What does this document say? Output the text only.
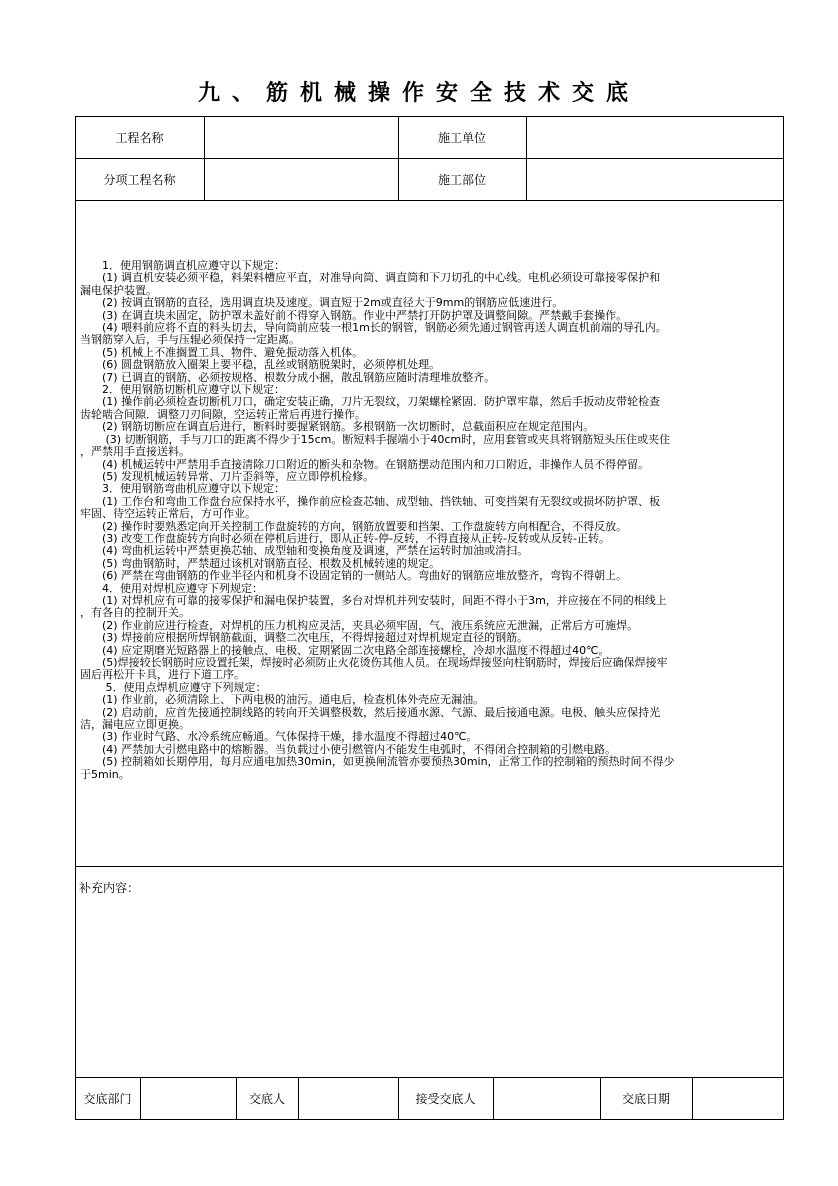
九、筋机械操作安全技术交底
工程名称	施工单位
分项工程名称	施工部位

　　1．使用钢筋调直机应遵守以下规定：

　　(1) 调直机安装必须平稳，料架料槽应平直，对准导向筒、调直筒和下刀切孔的中心线。电机必须设可靠接零保护和

漏电保护装置。

　　(2) 按调直钢筋的直径，选用调直块及速度。调直短于2m或直径大于9mm的钢筋应低速进行。

　　(3) 在调直块未固定，防护罩未盖好前不得穿入钢筋。作业中严禁打开防护罩及调整间隙。严禁戴手套操作。

　　(4) 喂料前应将不直的料头切去，导向筒前应装一根1m长的钢管，钢筋必须先通过钢管再送人调直机前端的导孔内。

当钢筋穿入后，手与压辊必须保持一定距离。

　　(5) 机械上不准搁置工具、物件、避免振动落入机体。

　　(6) 圆盘钢筋放入圈架上要平稳，乱丝或钢筋脱架时，必须停机处理。

　　(7) 已调直的钢筋、必须按规格、根数分成小捆，散乱钢筋应随时清理堆放整齐。

　　2．使用钢筋切断机应遵守以下规定：

　　(1) 操作前必须检查切断机刀口，确定安装正确，刀片无裂纹，刀架螺栓紧固．防护罩牢靠，然后手扳动皮带轮检查

齿轮啮合间隙．调整刀刃间隙，空运转正常后再进行操作。

　　(2) 钢筋切断应在调直后进行，断料时要握紧钢筋。多根钢筋一次切断时，总截面积应在规定范围内。

　　 (3) 切断钢筋，手与刀口的距离不得少于15cm。断短料手握端小于40cm时，应用套管或夹具将钢筋短头压住或夹住

，严禁用手直接送料。

　　(4) 机械运转中严禁用手直接清除刀口附近的断头和杂物。在钢筋摆动范围内和刀口附近，非操作人员不得停留。

　　(5) 发现机械运转异常、刀片歪斜等，应立即停机检修。

　　3．使用钢筋弯曲机应遵守以下规定：

　　(1) 工作台和弯曲工作盘台应保持水平，操作前应检查芯轴、成型轴、挡铁轴、可变挡架有无裂纹或损坏防护罩、板

牢固、待空运转正常后，方可作业。

　　(2) 操作时要熟悉定向开关控制工作盘旋转的方向，钢筋放置要和挡架、工作盘旋转方向相配合，不得反放。

　　(3) 改变工作盘旋转方向时必须在停机后进行，即从正转-停-反转，不得直接从正转-反转或从反转-正转。

　　(4) 弯曲机运转中严禁更换芯轴、成型轴和变换角度及调速，严禁在运转时加油或清扫。

　　(5) 弯曲钢筋时，严禁超过该机对钢筋直径、根数及机械转速的规定。

　　(6) 严禁在弯曲钢筋的作业半径内和机身不设固定销的一侧站人。弯曲好的钢筋应堆放整齐，弯钩不得朝上。

　　4．使用对焊机应遵守下列规定：

　　(1) 对焊机应有可靠的接零保护和漏电保护装置，多台对焊机并列安装时，间距不得小于3m，并应接在不同的相线上

，有各自的控制开关。

　　(2) 作业前应进行检查，对焊机的压力机构应灵活，夹具必须牢固，气、液压系统应无泄漏，正常后方可施焊。

　　(3) 焊接前应根据所焊钢筋截面，调整二次电压，不得焊接超过对焊机规定直径的钢筋。

　　(4) 应定期磨光短路器上的接触点、电极、定期紧固二次电路全部连接螺栓，冷却水温度不得超过40℃。

　　(5)焊接较长钢筋时应设置托架，焊接时必须防止火花烫伤其他人员。在现场焊接竖向柱钢筋时，焊接后应确保焊接牢

固后再松开卡具，进行下道工序。

　　 5．使用点焊机应遵守下列规定：

　　(1) 作业前，必须清除上、下两电极的油污。通电后，检查机体外壳应无漏油。

　　(2) 启动前，应首先接通控制线路的转向开关调整极数，然后接通水源、气源、最后接通电源。电极、触头应保持光

洁，漏电应立即更换。

　　(3) 作业时气路、水冷系统应畅通。气体保持干燥，排水温度不得超过40℃。

　　(4) 严禁加大引燃电路中的熔断器。当负载过小使引燃管内不能发生电弧时，不得闭合控制箱的引燃电路。

　　(5) 控制箱如长期停用，每月应通电加热30min，如更换闸流管亦要预热30min，正常工作的控制箱的预热时间不得少

于5min。

补充内容：
交底部门	交底人	接受交底人	交底日期
